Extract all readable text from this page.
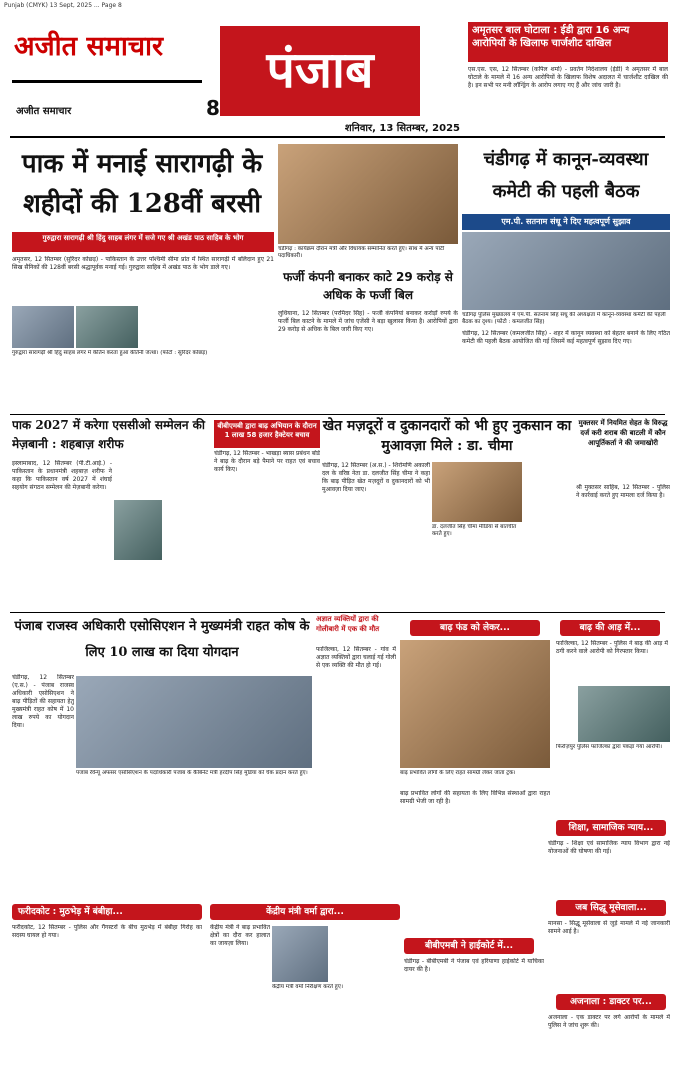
Punjab (CMYK) 13 Sept, 2025 ... Page 8
अजीत समाचार
अजीत समाचार	8
पंजाब
शनिवार, 13 सितम्बर, 2025
अमृतसर बाल घोटाला : ईडी द्वारा 16 अन्य आरोपियों के खिलाफ चार्जशीट दाखिल
एस.एस. एस, 12 सितम्बर (कपिल शर्मा) - प्रवर्तन निदेशालय (ईडी) ने अमृतसर में बाल घोटाले के मामले में 16 अन्य आरोपियों के खिलाफ विशेष अदालत में चार्जशीट दाखिल की है। इन सभी पर मनी लॉन्ड्रिंग के आरोप लगाए गए हैं और जांच जारी है।
पाक में मनाई सारागढ़ी के शहीदों की 128वीं बरसी
गुरुद्वारा सारागढ़ी श्री हिंदु साहब लंगर में सजे गए श्री अखंड पाठ साहिब के भोग
अमृतसर, 12 सितम्बर (सुरिंदर कोछड़) - पाकिस्तान के उत्तर पश्चिमी सीमा प्रांत में स्थित सारागढ़ी में बलिदान हुए 21 सिख सैनिकों की 128वीं बरसी श्रद्धापूर्वक मनाई गई। गुरुद्वारा साहिब में अखंड पाठ के भोग डाले गए।
गुरुद्वारा सारागढ़ी श्री हिंदु साहब लंगर में कीर्तन करता हुआ कीर्तनी जत्था। (फोटो : सुरिंदर कोछड़)
चंडीगढ़ : कार्यक्रम दौरान मंत्री और विधायक सम्मानित करते हुए। साथ में अन्य पार्टी पदाधिकारी।
फर्जी कंपनी बनाकर काटे 29 करोड़ से अधिक के फर्जी बिल
लुधियाना, 12 सितम्बर (परमिंदर सिंह) - फर्जी कंपनियां बनाकर करोड़ों रुपये के फर्जी बिल काटने के मामले में जांच एजेंसी ने बड़ा खुलासा किया है। आरोपियों द्वारा 29 करोड़ से अधिक के बिल जारी किए गए।
चंडीगढ़ में कानून-व्यवस्था कमेटी की पहली बैठक
एम.पी. सतनाम संधू ने दिए महत्वपूर्ण सुझाव
चंडीगढ़ पुलिस मुख्यालय में एम.पी. सतनाम सिंह संधू की अध्यक्षता में कानून-व्यवस्था कमेटी की पहली बैठक का दृश्य। (फोटो : कमलजीत सिंह)
चंडीगढ़, 12 सितम्बर (कमलजीत सिंह) - शहर में कानून व्यवस्था को बेहतर बनाने के लिए गठित कमेटी की पहली बैठक आयोजित की गई जिसमें कई महत्वपूर्ण सुझाव दिए गए।
पाक 2027 में करेगा एससीओ सम्मेलन की मेज़बानी : शहबाज़ शरीफ
इस्लामाबाद, 12 सितम्बर (पी.टी.आई.) - पाकिस्तान के प्रधानमंत्री शहबाज़ शरीफ ने कहा कि पाकिस्तान वर्ष 2027 में शंघाई सहयोग संगठन सम्मेलन की मेज़बानी करेगा।
बीबीएमबी द्वारा बाढ़ अभियान के दौरान 1 लाख 58 हजार हैक्टेयर बचाव
चंडीगढ़, 12 सितम्बर - भाखड़ा ब्यास प्रबंधन बोर्ड ने बाढ़ के दौरान बड़े पैमाने पर राहत एवं बचाव कार्य किए।
खेत मज़दूरों व दुकानदारों को भी हुए नुकसान का मुआवज़ा मिले : डा. चीमा
चंडीगढ़, 12 सितम्बर (अ.स.) - शिरोमणि अकाली दल के वरिष्ठ नेता डा. दलजीत सिंह चीमा ने कहा कि बाढ़ पीड़ित खेत मज़दूरों व दुकानदारों को भी मुआवज़ा दिया जाए।
डा. दलजीत सिंह चीमा मीडिया से बातचीत करते हुए।
मुक्तसर में नियमित सेहत के विरुद्ध दर्ज करी शराब की बाटली में कौन आपूर्तिकर्ता ने की जमाखोरी
श्री मुक्तसर साहिब, 12 सितम्बर - पुलिस ने कार्रवाई करते हुए मामला दर्ज किया है।
पंजाब राजस्व अधिकारी एसोसिएशन ने मुख्यमंत्री राहत कोष के लिए 10 लाख का दिया योगदान
चंडीगढ़, 12 सितम्बर (ए.स.) - पंजाब राजस्व अधिकारी एसोसिएशन ने बाढ़ पीड़ितों की सहायता हेतु मुख्यमंत्री राहत कोष में 10 लाख रुपये का योगदान दिया।
पंजाब रेवेन्यू अफसर एसोसिएशन के पदाधिकारी पंजाब के कैबिनेट मंत्री हरदीप सिंह मुंडियां को चेक प्रदान करते हुए।
अज्ञात व्यक्तियों द्वारा की गोलीबारी में एक की मौत
फाजिल्का, 12 सितम्बर - गांव में अज्ञात व्यक्तियों द्वारा चलाई गई गोली से एक व्यक्ति की मौत हो गई।
बाढ़ फंड को लेकर...
बाढ़ प्रभावित लोगों के लिए राहत सामग्री लेकर जाता ट्रक।
बाढ़ प्रभावित लोगों की सहायता के लिए विभिन्न संस्थाओं द्वारा राहत सामग्री भेजी जा रही है।
बाढ़ की आड़ में...
फाजिल्का, 12 सितम्बर - पुलिस ने बाढ़ की आड़ में ठगी करने वाले आरोपी को गिरफ्तार किया।
फिरोज़पुर पुलिस फाजिल्का द्वारा पकड़ा गया आरोपी।
फरीदकोट : मुठभेड़ में बंबीहा...
फरीदकोट, 12 सितम्बर - पुलिस और गैंगस्टरों के बीच मुठभेड़ में बंबीहा गिरोह का सदस्य घायल हो गया।
केंद्रीय मंत्री वर्मा द्वारा...
केंद्रीय मंत्री ने बाढ़ प्रभावित क्षेत्रों का दौरा कर हालात का जायज़ा लिया।
केंद्रीय मंत्री वर्मा निरीक्षण करते हुए।
बीबीएमबी ने हाईकोर्ट में...
चंडीगढ़ - बीबीएमबी ने पंजाब एवं हरियाणा हाईकोर्ट में याचिका दायर की है।
शिक्षा, सामाजिक न्याय...
चंडीगढ़ - शिक्षा एवं सामाजिक न्याय विभाग द्वारा नई योजनाओं की घोषणा की गई।
जब सिद्धू मूसेवाला...
मानसा - सिद्धू मूसेवाला से जुड़े मामले में नई जानकारी सामने आई है।
अजनाला : डाक्टर पर...
अजनाला - एक डाक्टर पर लगे आरोपों के मामले में पुलिस ने जांच शुरू की।
